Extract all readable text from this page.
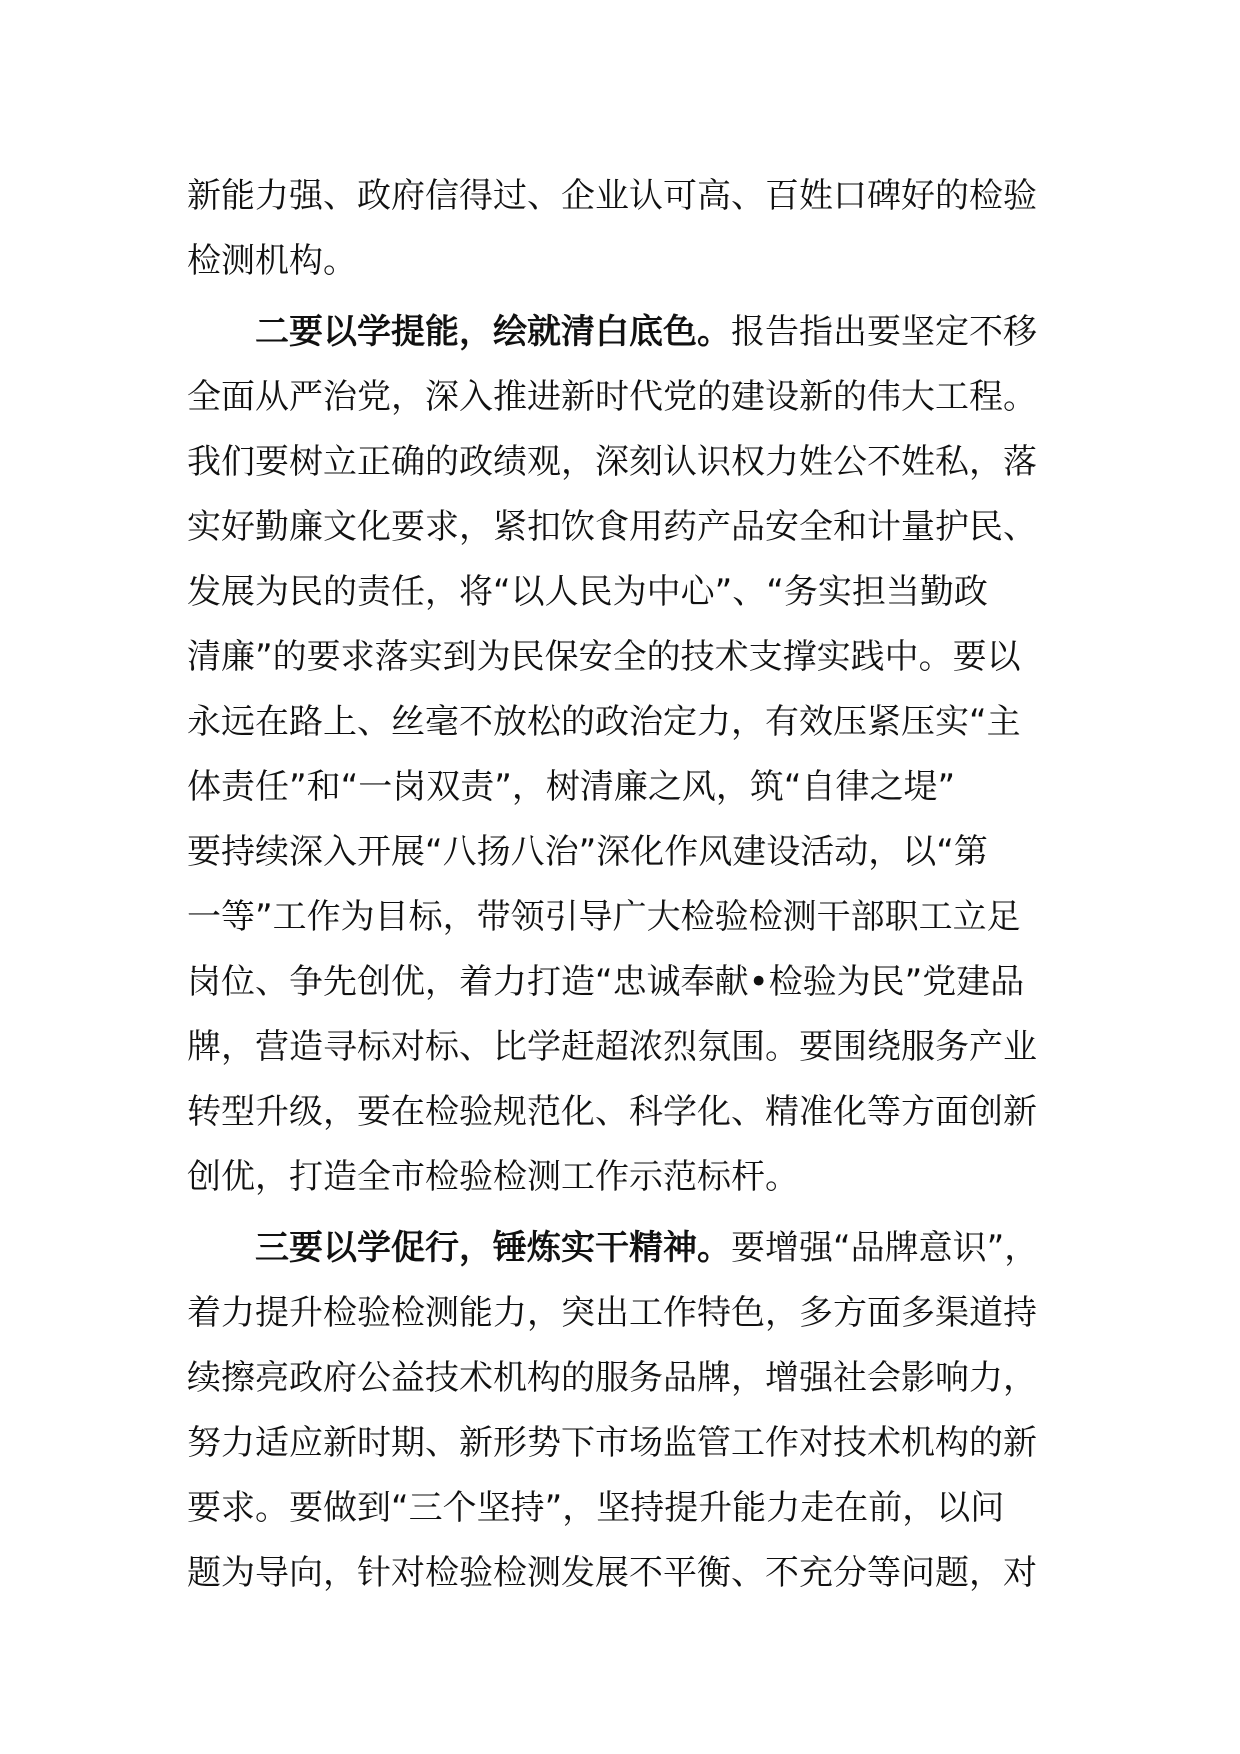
新能力强、政府信得过、企业认可高、百姓口碑好的检验
检测机构。
二要以学提能，绘就清白底色。报告指出要坚定不移
全面从严治党，深入推进新时代党的建设新的伟大工程。
我们要树立正确的政绩观，深刻认识权力姓公不姓私，落
实好勤廉文化要求，紧扣饮食用药产品安全和计量护民、
发展为民的责任，将“以人民为中心”、“务实担当勤政
清廉”的要求落实到为民保安全的技术支撑实践中。要以
永远在路上、丝毫不放松的政治定力，有效压紧压实“主
体责任”和“一岗双责”，树清廉之风，筑“自律之堤”
要持续深入开展“八扬八治”深化作风建设活动，以“第
一等”工作为目标，带领引导广大检验检测干部职工立足
岗位、争先创优，着力打造“忠诚奉献•检验为民”党建品
牌，营造寻标对标、比学赶超浓烈氛围。要围绕服务产业
转型升级，要在检验规范化、科学化、精准化等方面创新
创优，打造全市检验检测工作示范标杆。
三要以学促行，锤炼实干精神。要增强“品牌意识”，
着力提升检验检测能力，突出工作特色，多方面多渠道持
续擦亮政府公益技术机构的服务品牌，增强社会影响力，
努力适应新时期、新形势下市场监管工作对技术机构的新
要求。要做到“三个坚持”，坚持提升能力走在前，以问
题为导向，针对检验检测发展不平衡、不充分等问题，对
